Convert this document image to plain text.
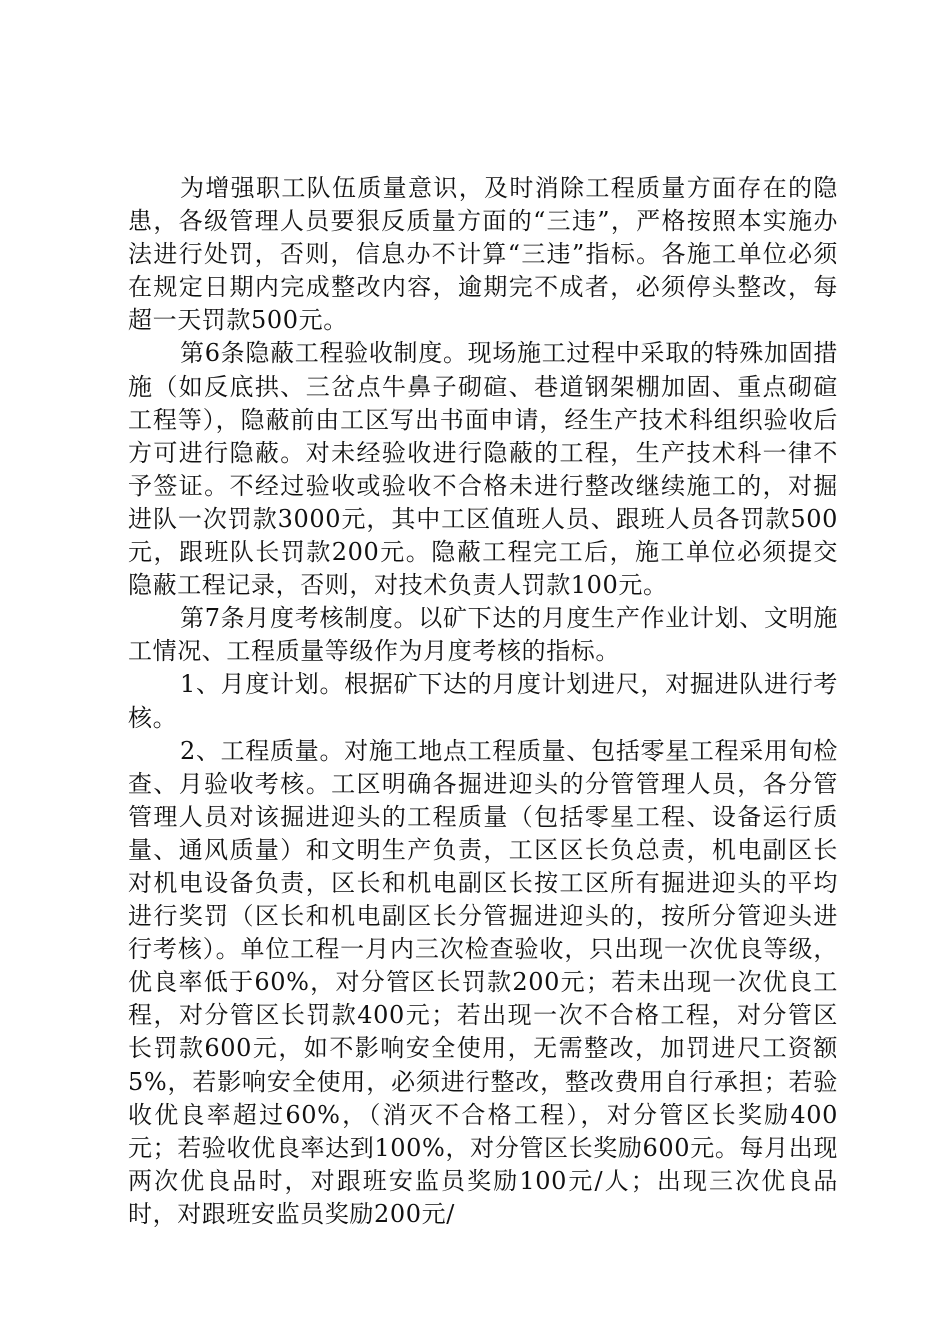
为增强职工队伍质量意识，及时消除工程质量方面存在的隐患，各级管理人员要狠反质量方面的“三违”，严格按照本实施办法进行处罚，否则，信息办不计算“三违”指标。各施工单位必须在规定日期内完成整改内容，逾期完不成者，必须停头整改，每超一天罚款500元。

第6条隐蔽工程验收制度。现场施工过程中采取的特殊加固措施（如反底拱、三岔点牛鼻子砌碹、巷道钢架棚加固、重点砌碹工程等），隐蔽前由工区写出书面申请，经生产技术科组织验收后方可进行隐蔽。对未经验收进行隐蔽的工程，生产技术科一律不予签证。不经过验收或验收不合格未进行整改继续施工的，对掘进队一次罚款3000元，其中工区值班人员、跟班人员各罚款500元，跟班队长罚款200元。隐蔽工程完工后，施工单位必须提交隐蔽工程记录，否则，对技术负责人罚款100元。

第7条月度考核制度。以矿下达的月度生产作业计划、文明施工情况、工程质量等级作为月度考核的指标。

1、月度计划。根据矿下达的月度计划进尺，对掘进队进行考核。

2、工程质量。对施工地点工程质量、包括零星工程采用旬检查、月验收考核。工区明确各掘进迎头的分管管理人员，各分管管理人员对该掘进迎头的工程质量（包括零星工程、设备运行质量、通风质量）和文明生产负责，工区区长负总责，机电副区长对机电设备负责，区长和机电副区长按工区所有掘进迎头的平均进行奖罚（区长和机电副区长分管掘进迎头的，按所分管迎头进行考核）。单位工程一月内三次检查验收，只出现一次优良等级，优良率低于60%，对分管区长罚款200元；若未出现一次优良工程，对分管区长罚款400元；若出现一次不合格工程，对分管区长罚款600元，如不影响安全使用，无需整改，加罚进尺工资额5%，若影响安全使用，必须进行整改，整改费用自行承担；若验收优良率超过60%，（消灭不合格工程），对分管区长奖励400元；若验收优良率达到100%，对分管区长奖励600元。每月出现两次优良品时，对跟班安监员奖励100元/人；出现三次优良品时，对跟班安监员奖励200元/
